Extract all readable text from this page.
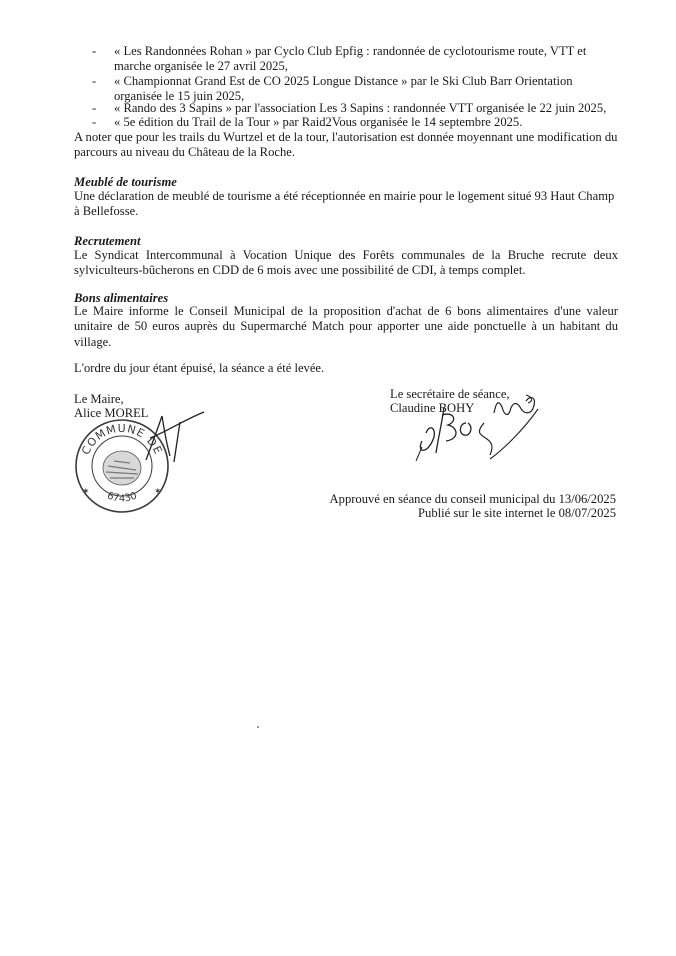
-	« Les Randonnées Rohan » par Cyclo Club Epfig : randonnée de cyclotourisme route, VTT et marche organisée le 27 avril 2025,
-	« Championnat Grand Est de CO 2025 Longue Distance » par le Ski Club Barr Orientation organisée le 15 juin 2025,
-	« Rando des 3 Sapins » par l'association Les 3 Sapins : randonnée VTT organisée le 22 juin 2025,
-	« 5e édition du Trail de la Tour » par Raid2Vous organisée le 14 septembre 2025.
A noter que pour les trails du Wurtzel et de la tour, l'autorisation est donnée moyennant une modification du parcours au niveau du Château de la Roche.
Meublé de tourisme
Une déclaration de meublé de tourisme a été réceptionnée en mairie pour le logement situé 93 Haut Champ à Bellefosse.
Recrutement
Le Syndicat Intercommunal à Vocation Unique des Forêts communales de la Bruche recrute deux sylviculteurs-bûcherons en CDD de 6 mois avec une possibilité de CDI, à temps complet.
Bons alimentaires
Le Maire informe le Conseil Municipal de la proposition d'achat de 6 bons alimentaires d'une valeur unitaire de 50 euros auprès du Supermarché Match pour apporter une aide ponctuelle à un habitant du village.
L'ordre du jour étant épuisé, la séance a été levée.
Le Maire,
Alice MOREL
COMMUNE DE
67430
✶	✶
Le secrétaire de séance,
Claudine BOHY
Approuvé en séance du conseil municipal du 13/06/2025
Publié sur le site internet le 08/07/2025
